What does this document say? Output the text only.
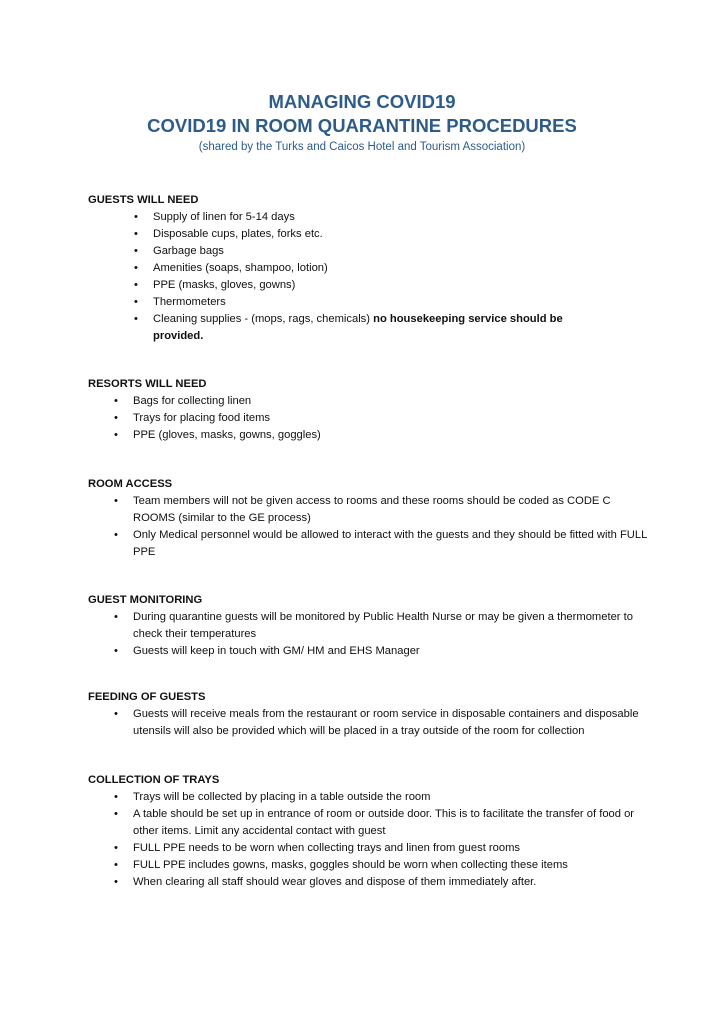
MANAGING COVID19
COVID19 IN ROOM QUARANTINE PROCEDURES
(shared by the Turks and Caicos Hotel and Tourism Association)
GUESTS WILL NEED
• Supply of linen for 5-14 days
• Disposable cups, plates, forks etc.
• Garbage bags
• Amenities (soaps, shampoo, lotion)
• PPE (masks, gloves, gowns)
• Thermometers
• Cleaning supplies - (mops, rags, chemicals) no housekeeping service should be provided.
RESORTS WILL NEED
• Bags for collecting linen
• Trays for placing food items
• PPE (gloves, masks, gowns, goggles)
ROOM ACCESS
• Team members will not be given access to rooms and these rooms should be coded as CODE C ROOMS (similar to the GE process)
• Only Medical personnel would be allowed to interact with the guests and they should be fitted with FULL PPE
GUEST MONITORING
• During quarantine guests will be monitored by Public Health Nurse or may be given a thermometer to check their temperatures
• Guests will keep in touch with GM/ HM and EHS Manager
FEEDING OF GUESTS
• Guests will receive meals from the restaurant or room service in disposable containers and disposable utensils will also be provided which will be placed in a tray outside of the room for collection
COLLECTION OF TRAYS
• Trays will be collected by placing in a table outside the room
• A table should be set up in entrance of room or outside door. This is to facilitate the transfer of food or other items. Limit any accidental contact with guest
• FULL PPE needs to be worn when collecting trays and linen from guest rooms
• FULL PPE includes gowns, masks, goggles should be worn when collecting these items
• When clearing all staff should wear gloves and dispose of them immediately after.
